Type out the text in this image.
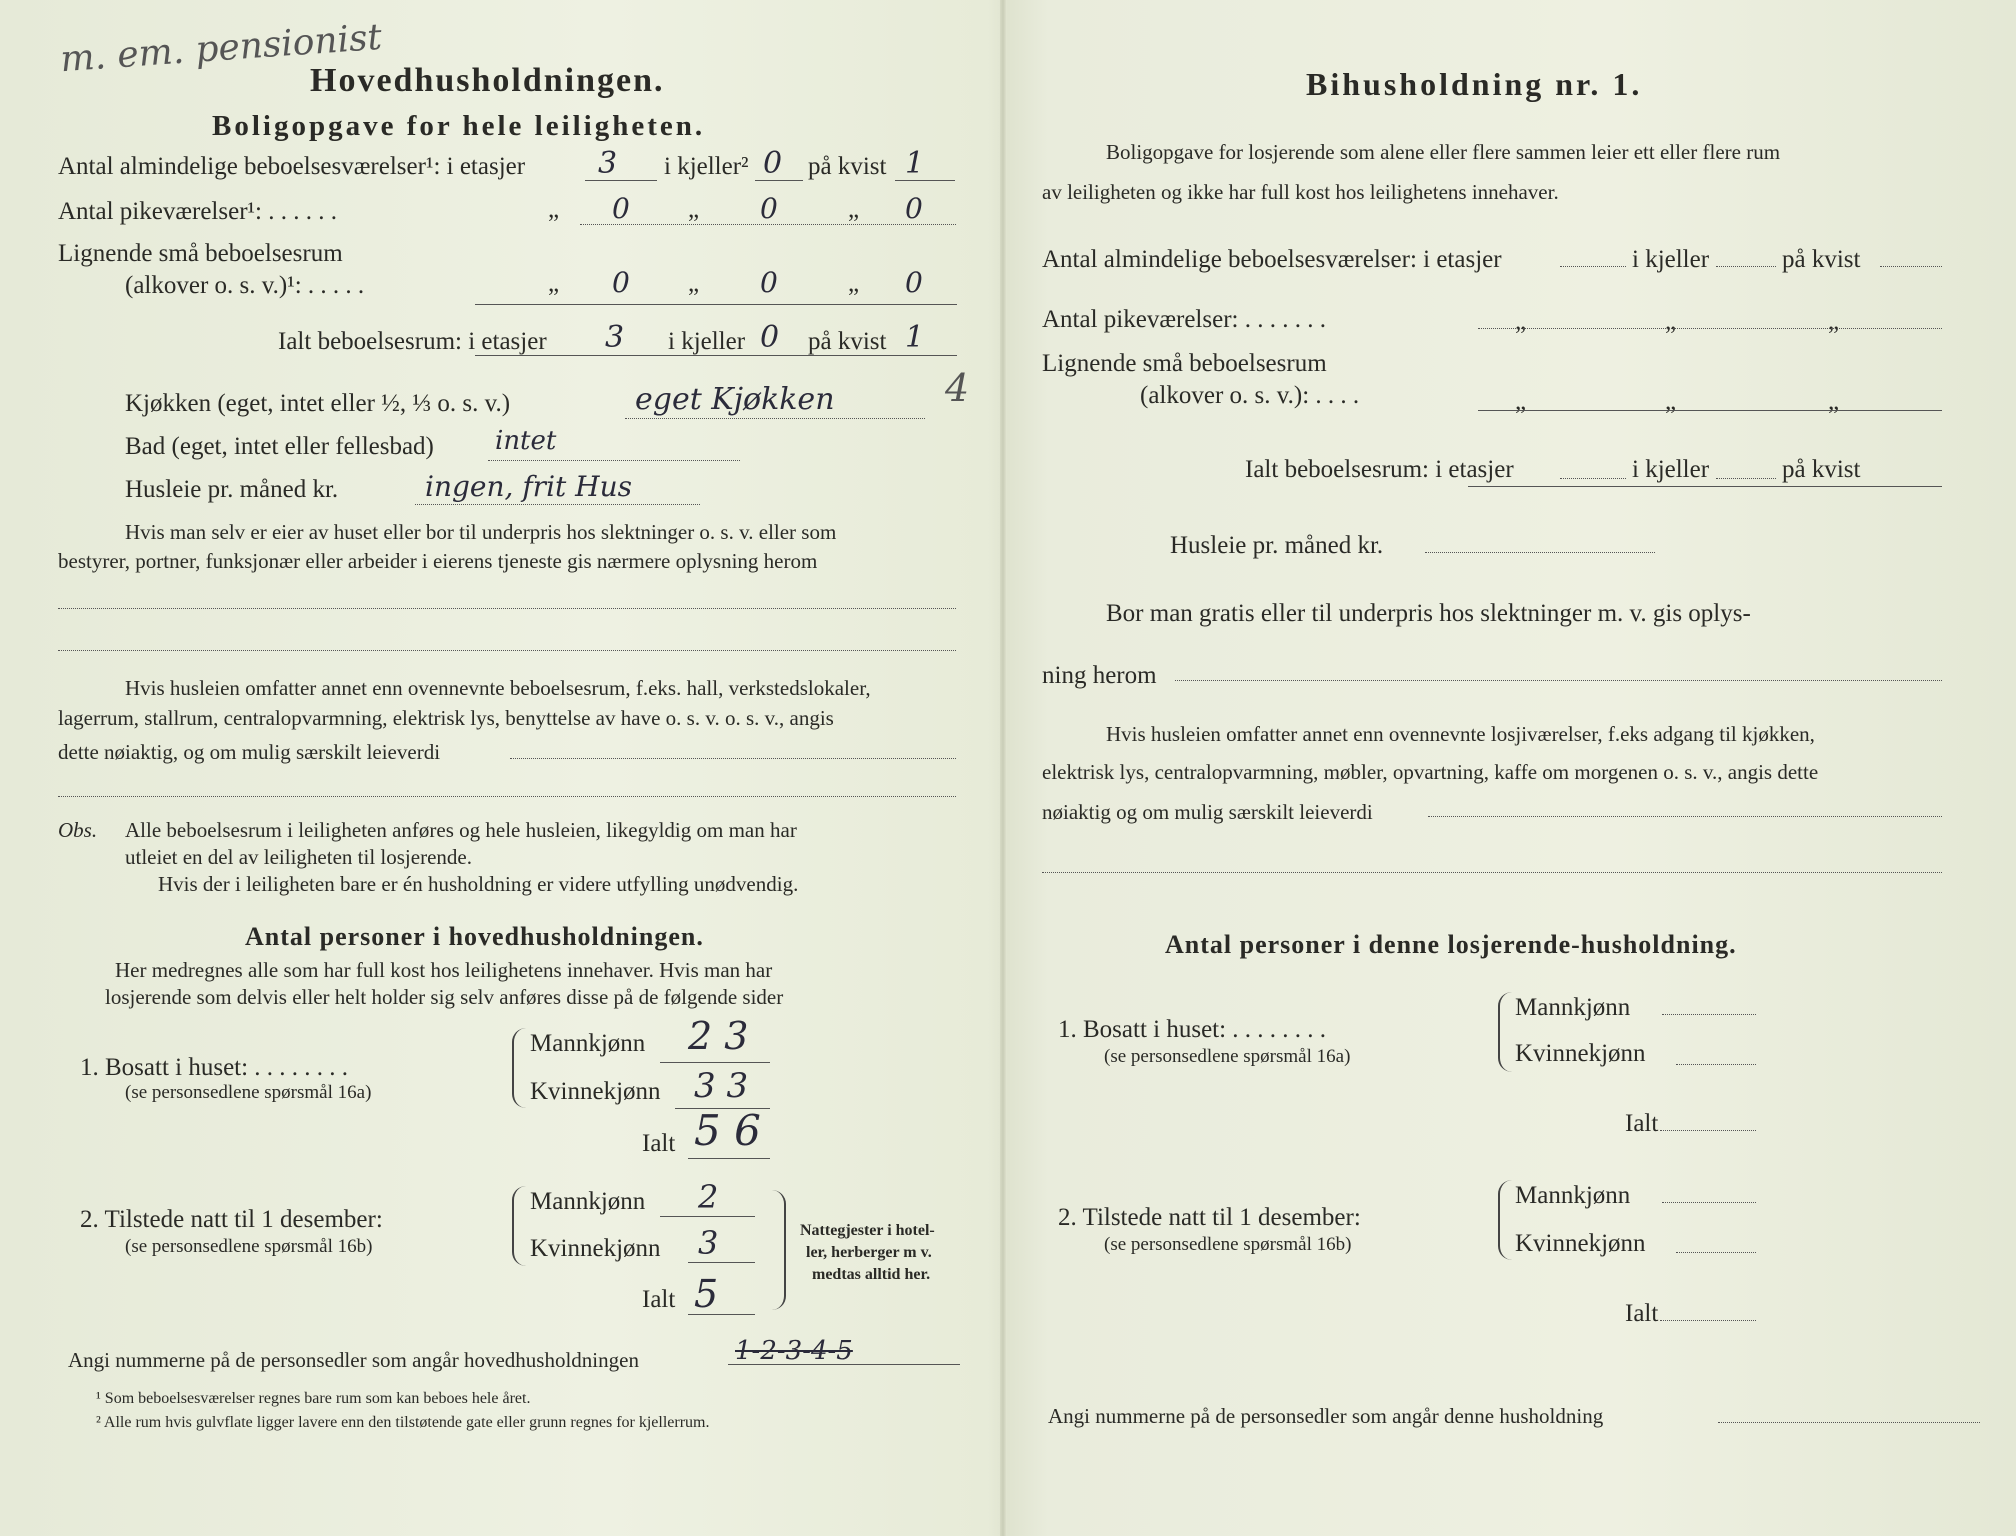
m. em. pensionist
Hovedhusholdningen.
Boligopgave for hele leiligheten.
Antal almindelige beboelsesværelser¹: i etasjer 3 i kjeller² 0 på kvist 1
Antal pikeværelser¹: . . . . . .	„ 0 „ 0	„ 0
Lignende små beboelsesrum
(alkover o. s. v.)¹: . . . . .	„ 0 „ 0	„ 0
Ialt beboelsesrum: i etasjer 3 i kjeller 0 på kvist 1
4
Kjøkken (eget, intet eller ½, ⅓ o. s. v.)	eget Kjøkken
Bad (eget, intet eller fellesbad) intet
Husleie pr. måned kr.	ingen, frit Hus
Hvis man selv er eier av huset eller bor til underpris hos slektninger o. s. v. eller som
bestyrer, portner, funksjonær eller arbeider i eierens tjeneste gis nærmere oplysning herom
Hvis husleien omfatter annet enn ovennevnte beboelsesrum, f.eks. hall, verkstedslokaler,
lagerrum, stallrum, centralopvarmning, elektrisk lys, benyttelse av have o. s. v. o. s. v., angis
dette nøiaktig, og om mulig særskilt leieverdi
Obs. Alle beboelsesrum i leiligheten anføres og hele husleien, likegyldig om man har
utleiet en del av leiligheten til losjerende.
Hvis der i leiligheten bare er én husholdning er videre utfylling unødvendig.
Antal personer i hovedhusholdningen.
Her medregnes alle som har full kost hos leilighetens innehaver. Hvis man har
losjerende som delvis eller helt holder sig selv anføres disse på de følgende sider
1. Bosatt i huset: . . . . . . . .
(se personsedlene spørsmål 16a)
Mannkjønn 2 3
Kvinnekjønn 3 3
Ialt 5 6
2. Tilstede natt til 1 desember:
(se personsedlene spørsmål 16b)
Mannkjønn 2
Kvinnekjønn 3
Ialt 5
Nattegjester i hotel-
ler, herberger m v.
medtas alltid her.
Angi nummerne på de personsedler som angår hovedhusholdningen	1-2-3-4-5
¹ Som beboelsesværelser regnes bare rum som kan beboes hele året.
² Alle rum hvis gulvflate ligger lavere enn den tilstøtende gate eller grunn regnes for kjellerrum.
Bihusholdning nr. 1.
Boligopgave for losjerende som alene eller flere sammen leier ett eller flere rum
av leiligheten og ikke har full kost hos leilighetens innehaver.
Antal almindelige beboelsesværelser: i etasjer	i kjeller	på kvist
Antal pikeværelser: . . . . . . .	„	„	„
Lignende små beboelsesrum
(alkover o. s. v.): . . . .	„	„	„
Ialt beboelsesrum: i etasjer	i kjeller	på kvist
Husleie pr. måned kr.
Bor man gratis eller til underpris hos slektninger m. v. gis oplys-
ning herom
Hvis husleien omfatter annet enn ovennevnte losjiværelser, f.eks adgang til kjøkken,
elektrisk lys, centralopvarmning, møbler, opvartning, kaffe om morgenen o. s. v., angis dette
nøiaktig og om mulig særskilt leieverdi
Antal personer i denne losjerende-husholdning.
1. Bosatt i huset: . . . . . . . .
(se personsedlene spørsmål 16a)
Mannkjønn
Kvinnekjønn
Ialt
2. Tilstede natt til 1 desember:
(se personsedlene spørsmål 16b)
Mannkjønn
Kvinnekjønn
Ialt
Angi nummerne på de personsedler som angår denne husholdning
